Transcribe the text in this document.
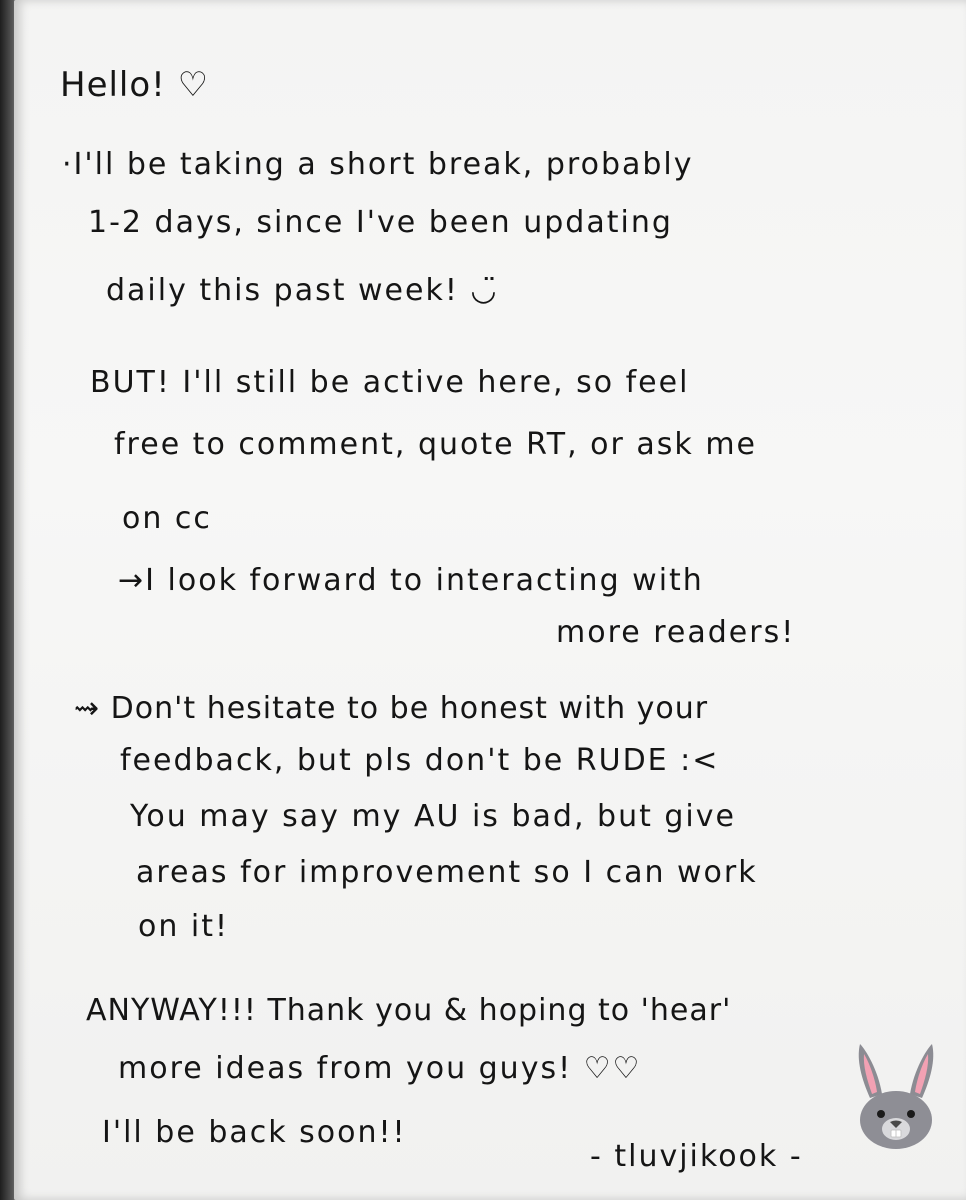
Hello! ♡
·I'll be taking a short break, probably
1-2 days, since I've been updating
daily this past week! ◡̈
BUT! I'll still be active here, so feel
free to comment, quote RT, or ask me
on cc
→I look forward to interacting with
more readers!
⇝ Don't hesitate to be honest with your
feedback, but pls don't be RUDE :<
You may say my AU is bad, but give
areas for improvement so I can work
on it!
ANYWAY!!! Thank you & hoping to 'hear'
more ideas from you guys! ♡♡
I'll be back soon!!
- tluvjikook -
